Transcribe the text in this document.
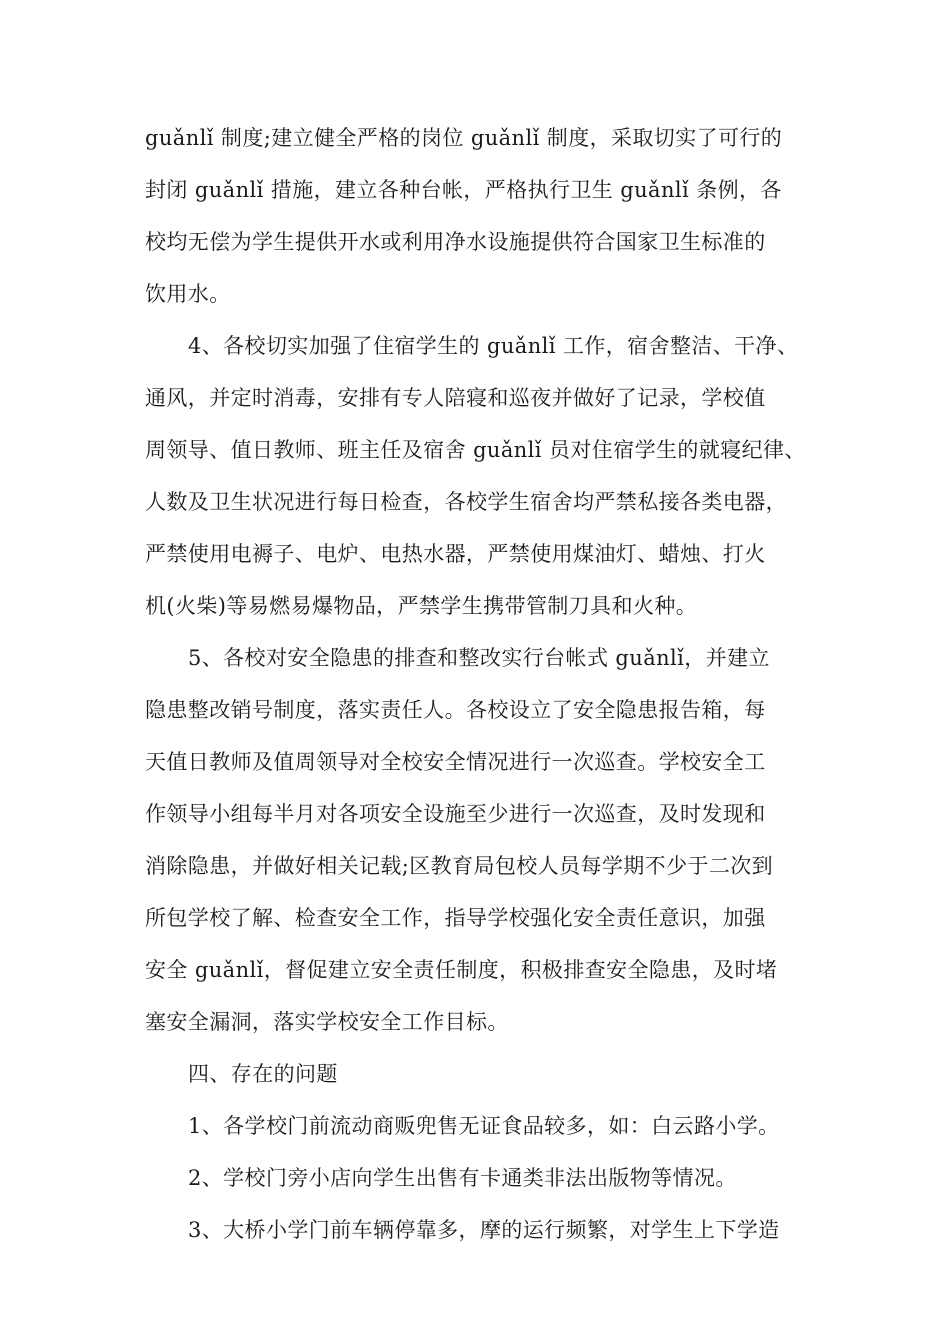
guǎnlǐ 制度;建立健全严格的岗位 guǎnlǐ 制度，采取切实了可行的
封闭 guǎnlǐ 措施，建立各种台帐，严格执行卫生 guǎnlǐ 条例，各
校均无偿为学生提供开水或利用净水设施提供符合国家卫生标准的
饮用水。
4、各校切实加强了住宿学生的 guǎnlǐ 工作，宿舍整洁、干净、
通风，并定时消毒，安排有专人陪寝和巡夜并做好了记录，学校值
周领导、值日教师、班主任及宿舍 guǎnlǐ 员对住宿学生的就寝纪律、
人数及卫生状况进行每日检查，各校学生宿舍均严禁私接各类电器，
严禁使用电褥子、电炉、电热水器，严禁使用煤油灯、蜡烛、打火
机(火柴)等易燃易爆物品，严禁学生携带管制刀具和火种。
5、各校对安全隐患的排查和整改实行台帐式 guǎnlǐ，并建立
隐患整改销号制度，落实责任人。各校设立了安全隐患报告箱，每
天值日教师及值周领导对全校安全情况进行一次巡查。学校安全工
作领导小组每半月对各项安全设施至少进行一次巡查，及时发现和
消除隐患，并做好相关记载;区教育局包校人员每学期不少于二次到
所包学校了解、检查安全工作，指导学校强化安全责任意识，加强
安全 guǎnlǐ，督促建立安全责任制度，积极排查安全隐患，及时堵
塞安全漏洞，落实学校安全工作目标。
四、存在的问题
1、各学校门前流动商贩兜售无证食品较多，如：白云路小学。
2、学校门旁小店向学生出售有卡通类非法出版物等情况。
3、大桥小学门前车辆停靠多，摩的运行频繁，对学生上下学造
